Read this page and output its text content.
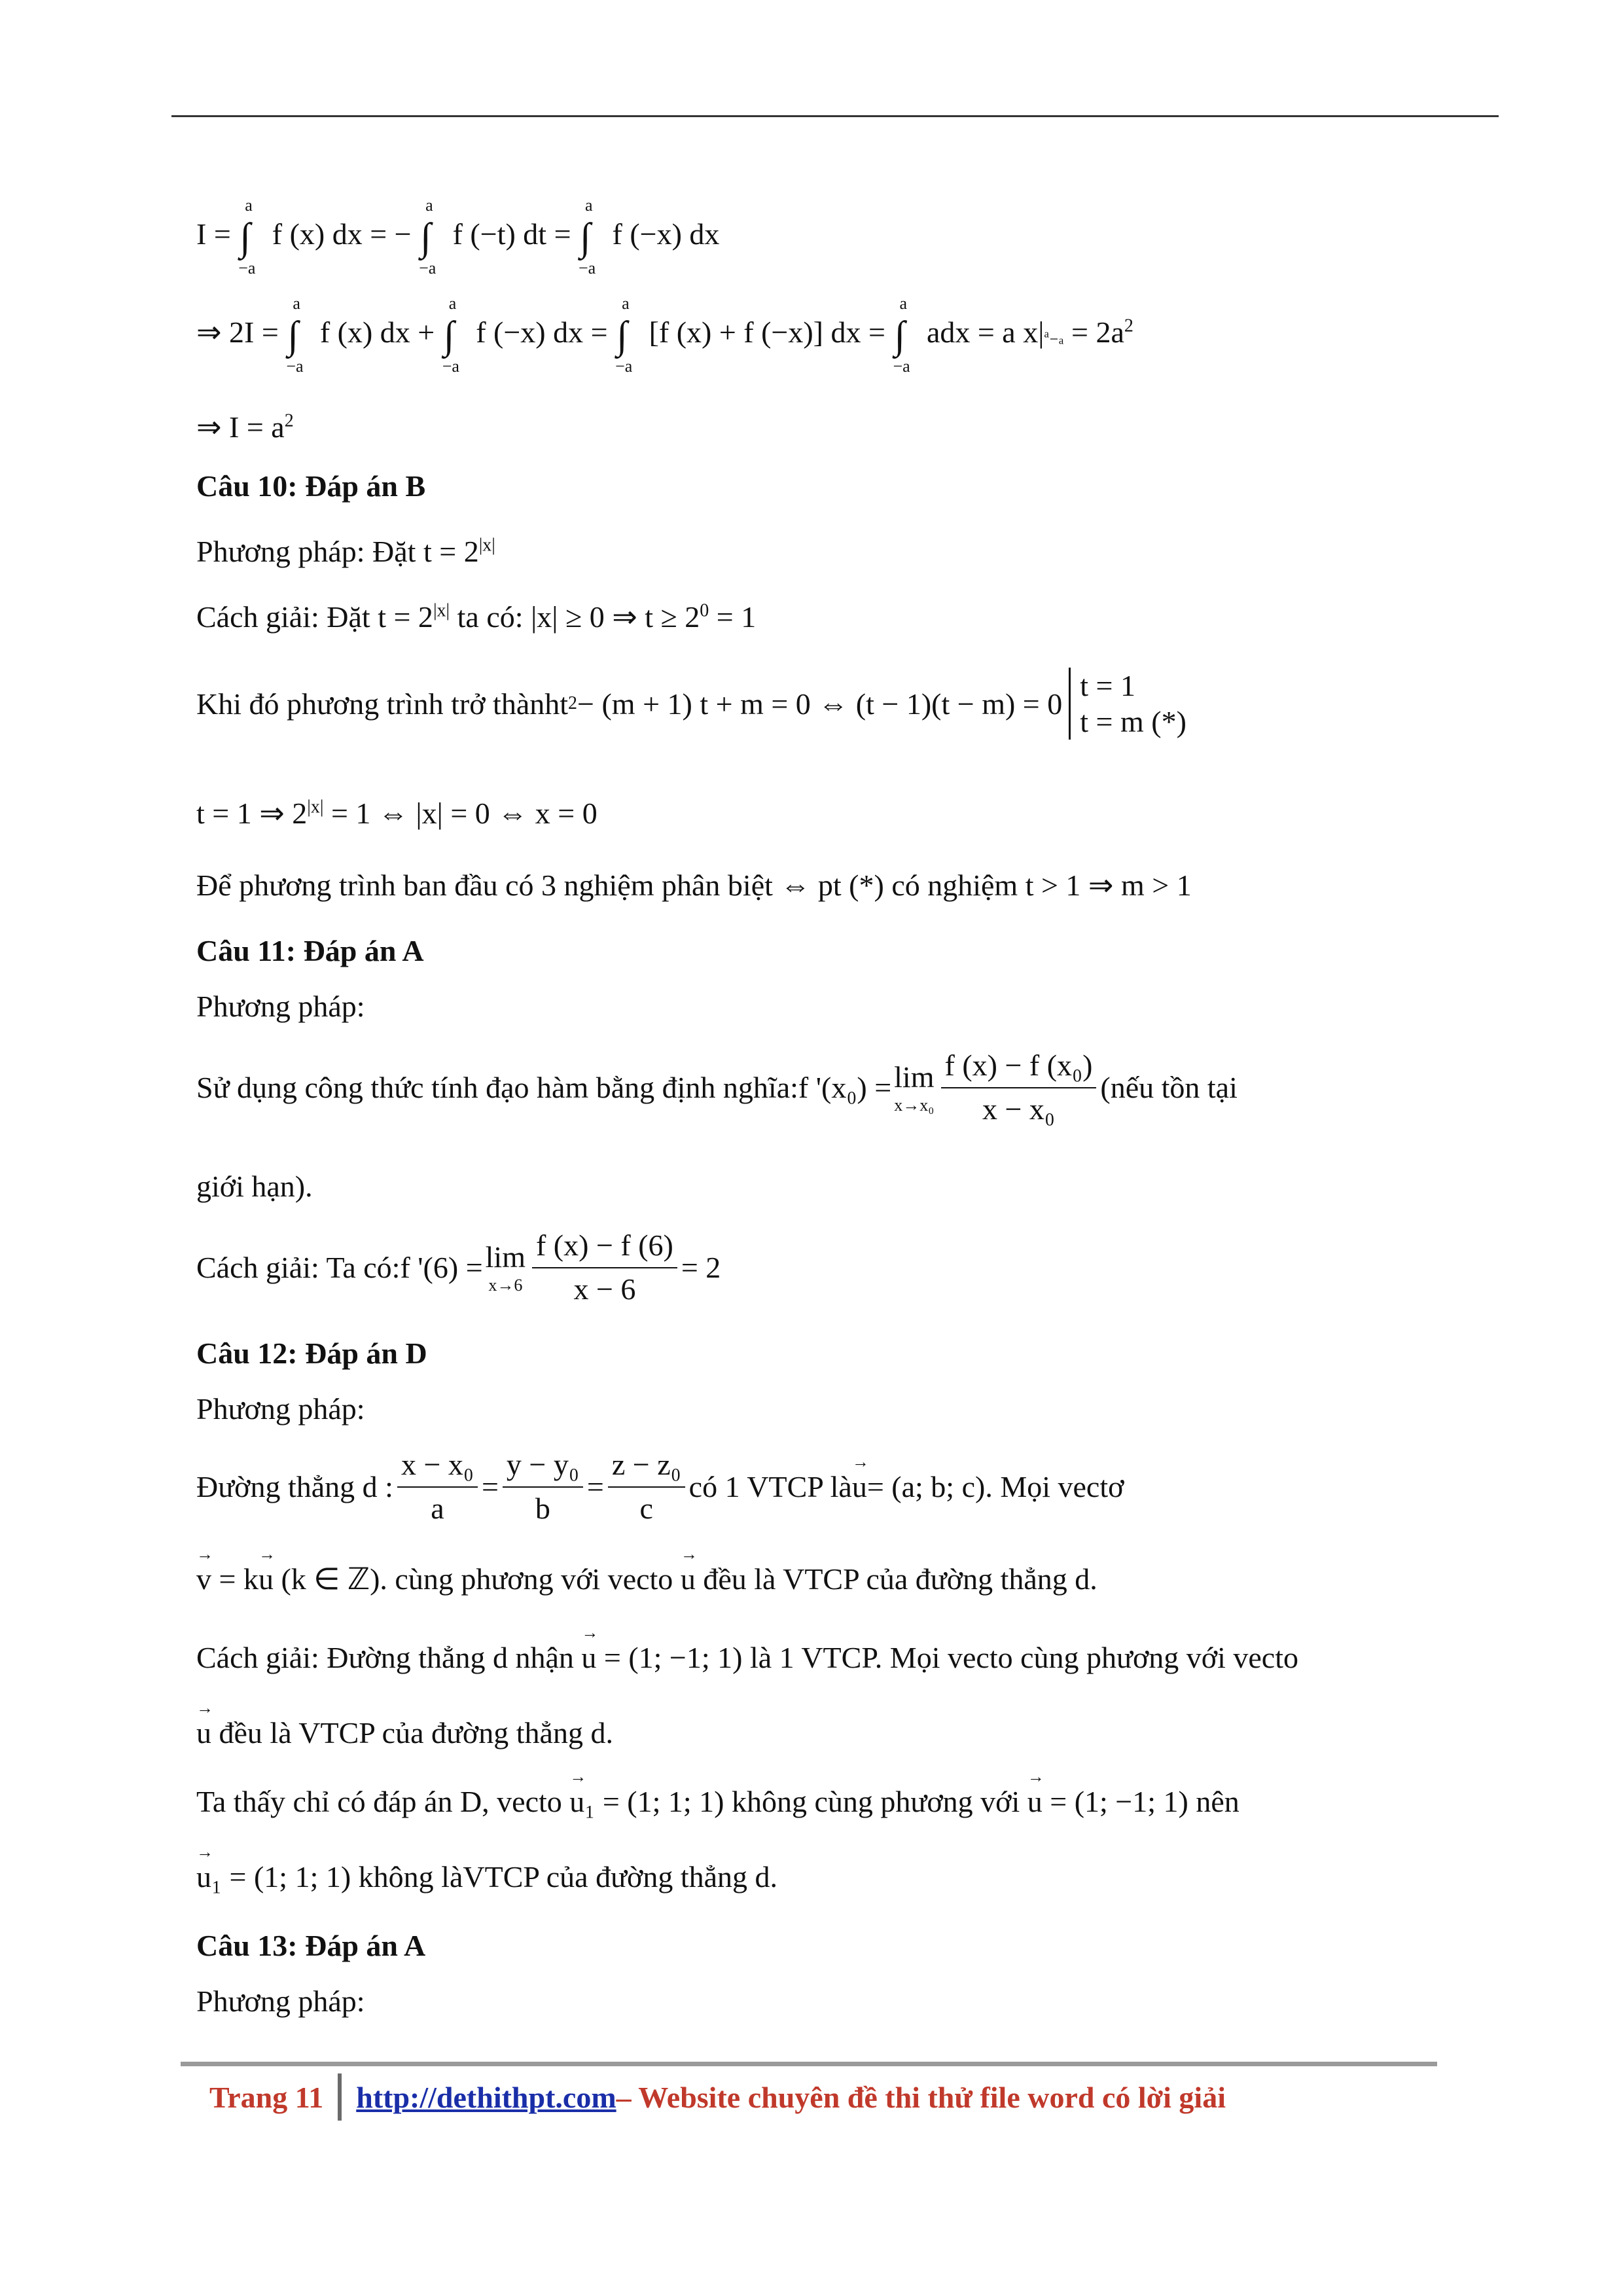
I =
a
∫
−a
f (x) dx = −
a
∫
−a
f (−t) dt =
a
∫
−a
f (−x) dx
⇒ 2I =
a
∫
−a
f (x) dx +
a
∫
−a
f (−x) dx =
a
∫
−a
[f (x) + f (−x)] dx =
a
∫
−a
adx = a x|ᵃ₋ₐ = $2a^2$
⇒ $I = a^2$
Câu 10: Đáp án B
Phương pháp: Đặt $t = 2^{|x|}$
Cách giải: Đặt $t = 2^{|x|}$ ta có: |x| ≥ 0 ⇒ $t \ge 2^0 = 1$
Khi đó phương trình trở thành t 2 − (m + 1) t + m = 0 ⇔ (t − 1)(t − m) = 0
t = 1
t = m (*)
t = 1 ⇒ $2^{|x|} = 1$ ⇔ |x| = 0 ⇔ x = 0
Để phương trình ban đầu có 3 nghiệm phân biệt ⇔ pt (*) có nghiệm t > 1 ⇒ m > 1
Câu 11: Đáp án A
Phương pháp:
Sử dụng công thức tính đạo hàm bằng định nghĩa: f '(x₀) = lim
$x\to x_0 \frac{\text{f (x) − f (x₀)}}{\text{x − x₀}}$ (nếu tồn tại
giới hạn).
Cách giải: Ta có: f '(6) = lim
$x\to 6 \frac{f (x) - f (6)}{x - 6} = 2$
Câu 12: Đáp án D
Phương pháp:
Đường thẳng d : $\frac{\text{x − x₀}}{a} = \frac{\text{y − y₀}}{b} = \frac{\text{z − z₀}}{c}$ có 1 VTCP là
→ u = (a; b; c). Mọi vectơ
→ v = k→ u (k ∈ ℤ). cùng phương với vecto → u đều là VTCP của đường thẳng d.
Cách giải: Đường thẳng d nhận → u = (1; −1; 1) là 1 VTCP. Mọi vecto cùng phương với vecto
→ u đều là VTCP của đường thẳng d.
Ta thấy chỉ có đáp án D, vecto → u₁ = (1; 1; 1) không cùng phương với → u = (1; −1; 1) nên
→ u₁ = (1; 1; 1) không làVTCP của đường thẳng d.
Câu 13: Đáp án A
Phương pháp:
Trang 11 http://dethithpt.com – Website chuyên đề thi thử file word có lời giải
